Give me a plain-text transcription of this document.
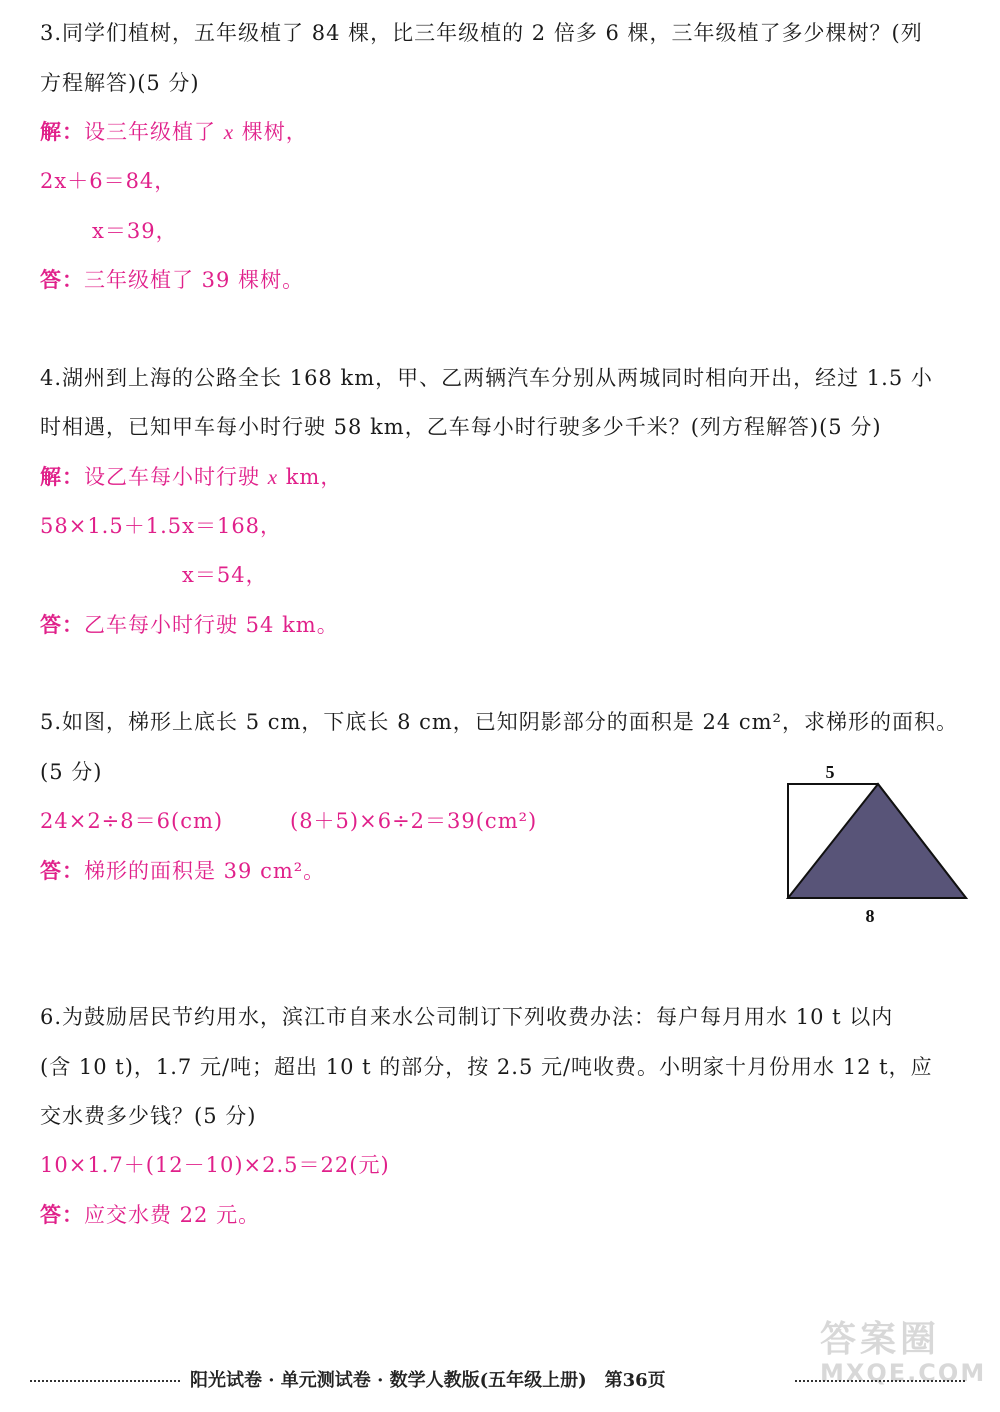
3.同学们植树，五年级植了 84 棵，比三年级植的 2 倍多 6 棵，三年级植了多少棵树？(列
方程解答)(5 分)
解：设三年级植了 x 棵树，
2x＋6＝84，
x＝39，
答：三年级植了 39 棵树。
4.湖州到上海的公路全长 168 km，甲、乙两辆汽车分别从两城同时相向开出，经过 1.5 小
时相遇，已知甲车每小时行驶 58 km，乙车每小时行驶多少千米？(列方程解答)(5 分)
解：设乙车每小时行驶 x km，
58×1.5＋1.5x＝168，
x＝54，
答：乙车每小时行驶 54 km。
5.如图，梯形上底长 5 cm，下底长 8 cm，已知阴影部分的面积是 24 cm²，求梯形的面积。
(5 分)
24×2÷8＝6(cm)	(8＋5)×6÷2＝39(cm²)
答：梯形的面积是 39 cm²。
5
8
6.为鼓励居民节约用水，滨江市自来水公司制订下列收费办法：每户每月用水 10 t 以内
(含 10 t)，1.7 元/吨；超出 10 t 的部分，按 2.5 元/吨收费。小明家十月份用水 12 t，应
交水费多少钱？(5 分)
10×1.7＋(12－10)×2.5＝22(元)
答：应交水费 22 元。
答案圈
MXQE.COM
阳光试卷 · 单元测试卷 · 数学人教版(五年级上册)　第36页
